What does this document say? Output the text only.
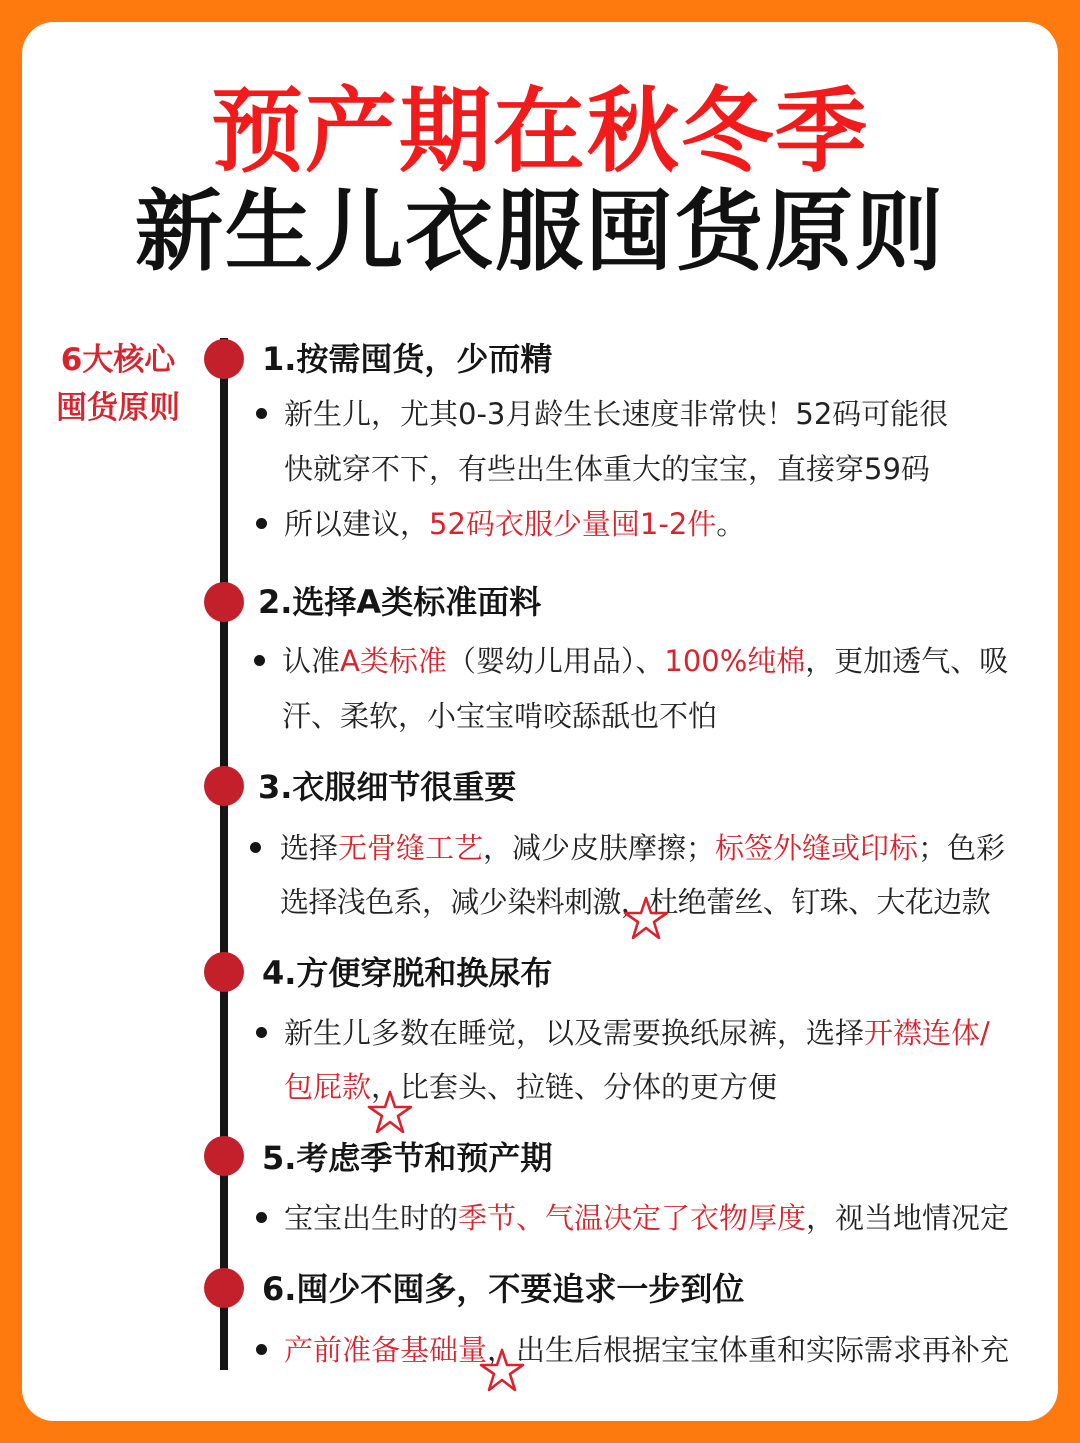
预产期在秋冬季
新生儿衣服囤货原则
6大核心
囤货原则
1.按需囤货，少而精
新生儿，尤其0-3月龄生长速度非常快！52码可能很
快就穿不下，有些出生体重大的宝宝，直接穿59码
所以建议，52码衣服少量囤1-2件。
2.选择A类标准面料
认准A类标准（婴幼儿用品）、100%纯棉，更加透气、吸
汗、柔软，小宝宝啃咬舔舐也不怕
3.衣服细节很重要
选择无骨缝工艺，减少皮肤摩擦；标签外缝或印标；色彩
选择浅色系，减少染料刺激，杜绝蕾丝、钉珠、大花边款
4.方便穿脱和换尿布
新生儿多数在睡觉，以及需要换纸尿裤，选择开襟连体/
包屁款，比套头、拉链、分体的更方便
5.考虑季节和预产期
宝宝出生时的季节、气温决定了衣物厚度，视当地情况定
6.囤少不囤多，不要追求一步到位
产前准备基础量，出生后根据宝宝体重和实际需求再补充
